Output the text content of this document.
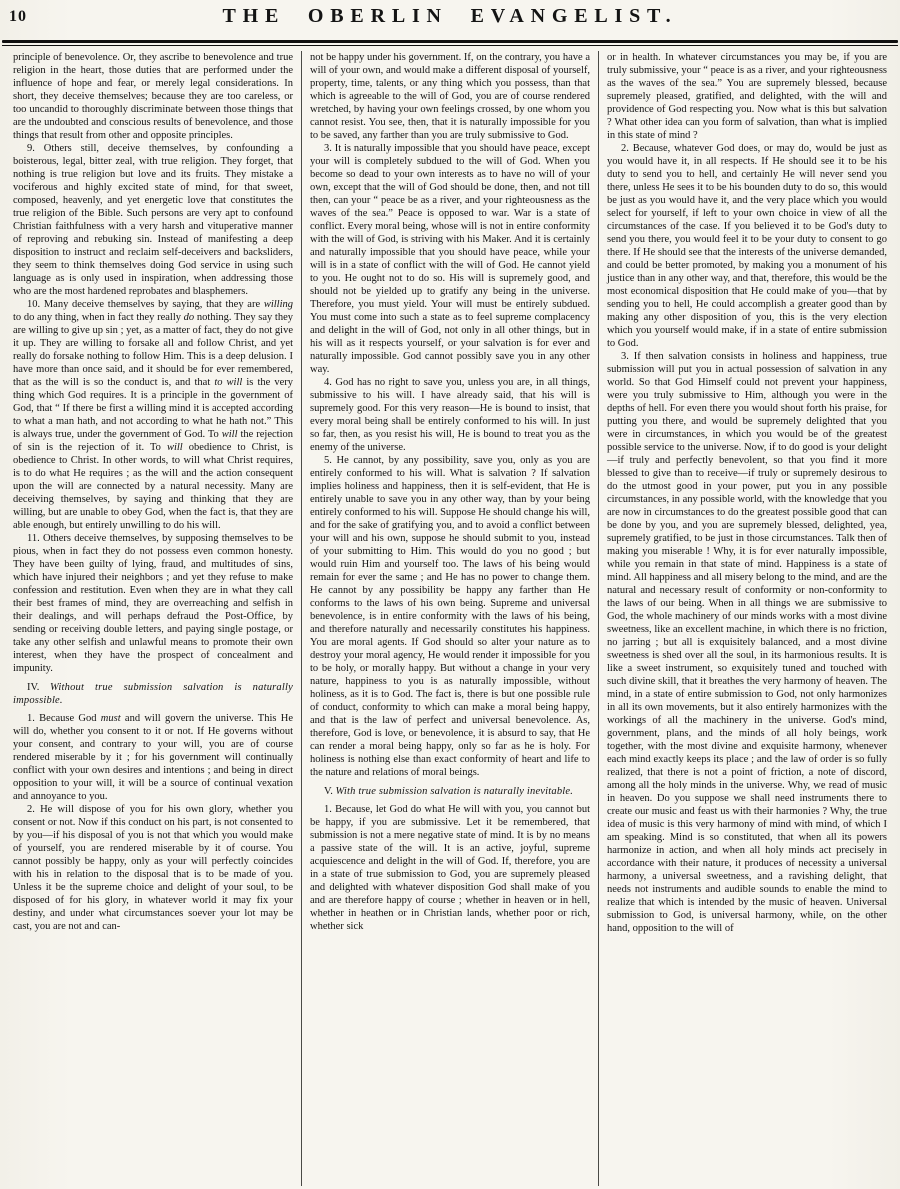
10	THE OBERLIN EVANGELIST.

principle of benevolence. Or, they ascribe to benevolence and true religion in the heart, those duties that are performed under the influence of hope and fear, or merely legal considerations. In short, they deceive themselves; because they are too careless, or too uncandid to thoroughly discriminate between those things that are the undoubted and conscious results of benevolence, and those things that result from other and opposite principles.

9. Others still, deceive themselves, by confounding a boisterous, legal, bitter zeal, with true religion. They forget, that nothing is true religion but love and its fruits. They mistake a vociferous and highly excited state of mind, for that sweet, composed, heavenly, and yet energetic love that constitutes the true religion of the Bible. Such persons are very apt to confound Christian faithfulness with a very harsh and vituperative manner of reproving and rebuking sin. Instead of manifesting a deep disposition to instruct and reclaim self-deceivers and backsliders, they seem to think themselves doing God service in using such language as is only used in inspiration, when addressing those who are the most hardened reprobates and blasphemers.

10. Many deceive themselves by saying, that they are willing to do any thing, when in fact they really do nothing. They say they are willing to give up sin ; yet, as a matter of fact, they do not give it up. They are willing to forsake all and follow Christ, and yet really do forsake nothing to follow Him. This is a deep delusion. I have more than once said, and it should be for ever remembered, that as the will is so the conduct is, and that to will is the very thing which God requires. It is a principle in the government of God, that “ If there be first a willing mind it is accepted according to what a man hath, and not according to what he hath not.” This is always true, under the government of God. To will the rejection of sin is the rejection of it. To will obedience to Christ, is obedience to Christ. In other words, to will what Christ requires, is to do what He requires ; as the will and the action consequent upon the will are connected by a natural necessity. Many are deceiving themselves, by saying and thinking that they are willing, but are unable to obey God, when the fact is, that they are able enough, but entirely unwilling to do his will.

11. Others deceive themselves, by supposing themselves to be pious, when in fact they do not possess even common honesty. They have been guilty of lying, fraud, and multitudes of sins, which have injured their neighbors ; and yet they refuse to make confession and restitution. Even when they are in what they call their best frames of mind, they are overreaching and selfish in their dealings, and will perhaps defraud the Post-Office, by sending or receiving double letters, and paying single postage, or take any other selfish and unlawful means to promote their own interest, when they have the prospect of concealment and impunity.

IV. Without true submission salvation is naturally impossible.

1. Because God must and will govern the universe. This He will do, whether you consent to it or not. If He governs without your consent, and contrary to your will, you are of course rendered miserable by it ; for his government will continually conflict with your own desires and intentions ; and being in direct opposition to your will, it will be a source of continual vexation and annoyance to you.

2. He will dispose of you for his own glory, whether you consent or not. Now if this conduct on his part, is not consented to by you—if his disposal of you is not that which you would make of yourself, you are rendered miserable by it of course. You cannot possibly be happy, only as your will perfectly coincides with his in relation to the disposal that is to be made of you. Unless it be the supreme choice and delight of your soul, to be disposed of for his glory, in whatever world it may fix your destiny, and under what circumstances soever your lot may be cast, you are not and can-

not be happy under his government. If, on the contrary, you have a will of your own, and would make a different disposal of yourself, property, time, talents, or any thing which you possess, than that which is agreeable to the will of God, you are of course rendered wretched, by having your own feelings crossed, by one whom you cannot resist. You see, then, that it is naturally impossible for you to be saved, any farther than you are truly submissive to God.

3. It is naturally impossible that you should have peace, except your will is completely subdued to the will of God. When you become so dead to your own interests as to have no will of your own, except that the will of God should be done, then, and not till then, can your “ peace be as a river, and your righteousness as the waves of the sea.” Peace is opposed to war. War is a state of conflict. Every moral being, whose will is not in entire conformity with the will of God, is striving with his Maker. And it is certainly and naturally impossible that you should have peace, while your will is in a state of conflict with the will of God. He cannot yield to you. He ought not to do so. His will is supremely good, and should not be yielded up to gratify any being in the universe. Therefore, you must yield. Your will must be entirely subdued. You must come into such a state as to feel supreme complacency and delight in the will of God, not only in all other things, but in his will as it respects yourself, or your salvation is for ever and naturally impossible. God cannot possibly save you in any other way.

4. God has no right to save you, unless you are, in all things, submissive to his will. I have already said, that his will is supremely good. For this very reason—He is bound to insist, that every moral being shall be entirely conformed to his will. In just so far, then, as you resist his will, He is bound to treat you as the enemy of the universe.

5. He cannot, by any possibility, save you, only as you are entirely conformed to his will. What is salvation ? If salvation implies holiness and happiness, then it is self-evident, that He is entirely unable to save you in any other way, than by your being entirely conformed to his will. Suppose He should change his will, and for the sake of gratifying you, and to avoid a conflict between your will and his own, suppose he should submit to you, instead of your submitting to Him. This would do you no good ; but would ruin Him and yourself too. The laws of his being would remain for ever the same ; and He has no power to change them. He cannot by any possibility be happy any farther than He conforms to the laws of his own being. Supreme and universal benevolence, is in entire conformity with the laws of his being, and therefore naturally and necessarily constitutes his happiness. You are moral agents. If God should so alter your nature as to destroy your moral agency, He would render it impossible for you to be holy, or morally happy. But without a change in your very nature, happiness to you is as naturally impossible, without holiness, as it is to God. The fact is, there is but one possible rule of conduct, conformity to which can make a moral being happy, and that is the law of perfect and universal benevolence. As, therefore, God is love, or benevolence, it is absurd to say, that He can render a moral being happy, only so far as he is holy. For holiness is nothing else than exact conformity of heart and life to the nature and relations of moral beings.

V. With true submission salvation is naturally inevitable.

1. Because, let God do what He will with you, you cannot but be happy, if you are submissive. Let it be remembered, that submission is not a mere negative state of mind. It is by no means a passive state of the will. It is an active, joyful, supreme acquiescence and delight in the will of God. If, therefore, you are in a state of true submission to God, you are supremely pleased and delighted with whatever disposition God shall make of you and are therefore happy of course ; whether in heaven or in hell, whether in heathen or in Christian lands, whether poor or rich, whether sick

or in health. In whatever circumstances you may be, if you are truly submissive, your “ peace is as a river, and your righteousness as the waves of the sea.” You are supremely blessed, because supremely pleased, gratified, and delighted, with the will and providence of God respecting you. Now what is this but salvation ? What other idea can you form of salvation, than what is implied in this state of mind ?

2. Because, whatever God does, or may do, would be just as you would have it, in all respects. If He should see it to be his duty to send you to hell, and certainly He will never send you there, unless He sees it to be his bounden duty to do so, this would be just as you would have it, and the very place which you would select for yourself, if left to your own choice in view of all the circumstances of the case. If you believed it to be God's duty to send you there, you would feel it to be your duty to consent to go there. If He should see that the interests of the universe demanded, and could be better promoted, by making you a monument of his justice than in any other way, and that, therefore, this would be the most economical disposition that He could make of you—that by sending you to hell, He could accomplish a greater good than by making any other disposition of you, this is the very election which you yourself would make, if in a state of entire submission to God.

3. If then salvation consists in holiness and happiness, true submission will put you in actual possession of salvation in any world. So that God Himself could not prevent your happiness, were you truly submissive to Him, although you were in the depths of hell. For even there you would shout forth his praise, for putting you there, and would be supremely delighted that you were in circumstances, in which you would be of the greatest possible service to the universe. Now, if to do good is your delight—if truly and perfectly benevolent, so that you find it more blessed to give than to receive—if truly or supremely desirous to do the utmost good in your power, put you in any possible circumstances, in any possible world, with the knowledge that you are now in circumstances to do the greatest possible good that can be done by you, and you are supremely blessed, delighted, yea, supremely gratified, to be just in those circumstances. Talk then of making you miserable ! Why, it is for ever naturally impossible, while you remain in that state of mind. Happiness is a state of mind. All happiness and all misery belong to the mind, and are the natural and necessary result of conformity or non-conformity to the laws of our being. When in all things we are submissive to God, the whole machinery of our minds works with a most divine sweetness, like an excellent machine, in which there is no friction, no jarring ; but all is exquisitely balanced, and a most divine sweetness is shed over all the soul, in its harmonious results. It is like a sweet instrument, so exquisitely tuned and touched with such divine skill, that it breathes the very harmony of heaven. The mind, in a state of entire submission to God, not only harmonizes in all its own movements, but it also entirely harmonizes with the workings of all the machinery in the universe. God's mind, government, plans, and the minds of all holy beings, work together, with the most divine and exquisite harmony, whenever each mind exactly keeps its place ; and the law of order is so fully realized, that there is not a point of friction, a note of discord, among all the holy minds in the universe. Why, we read of music in heaven. Do you suppose we shall need instruments there to create our music and feast us with their harmonies ? Why, the true idea of music is this very harmony of mind with mind, of which I am speaking. Mind is so constituted, that when all its powers harmonize in action, and when all holy minds act precisely in accordance with their nature, it produces of necessity a universal harmony, a universal sweetness, and a ravishing delight, that needs not instruments and audible sounds to enable the mind to realize that which is intended by the music of heaven. Universal submission to God, is universal harmony, while, on the other hand, opposition to the will of
